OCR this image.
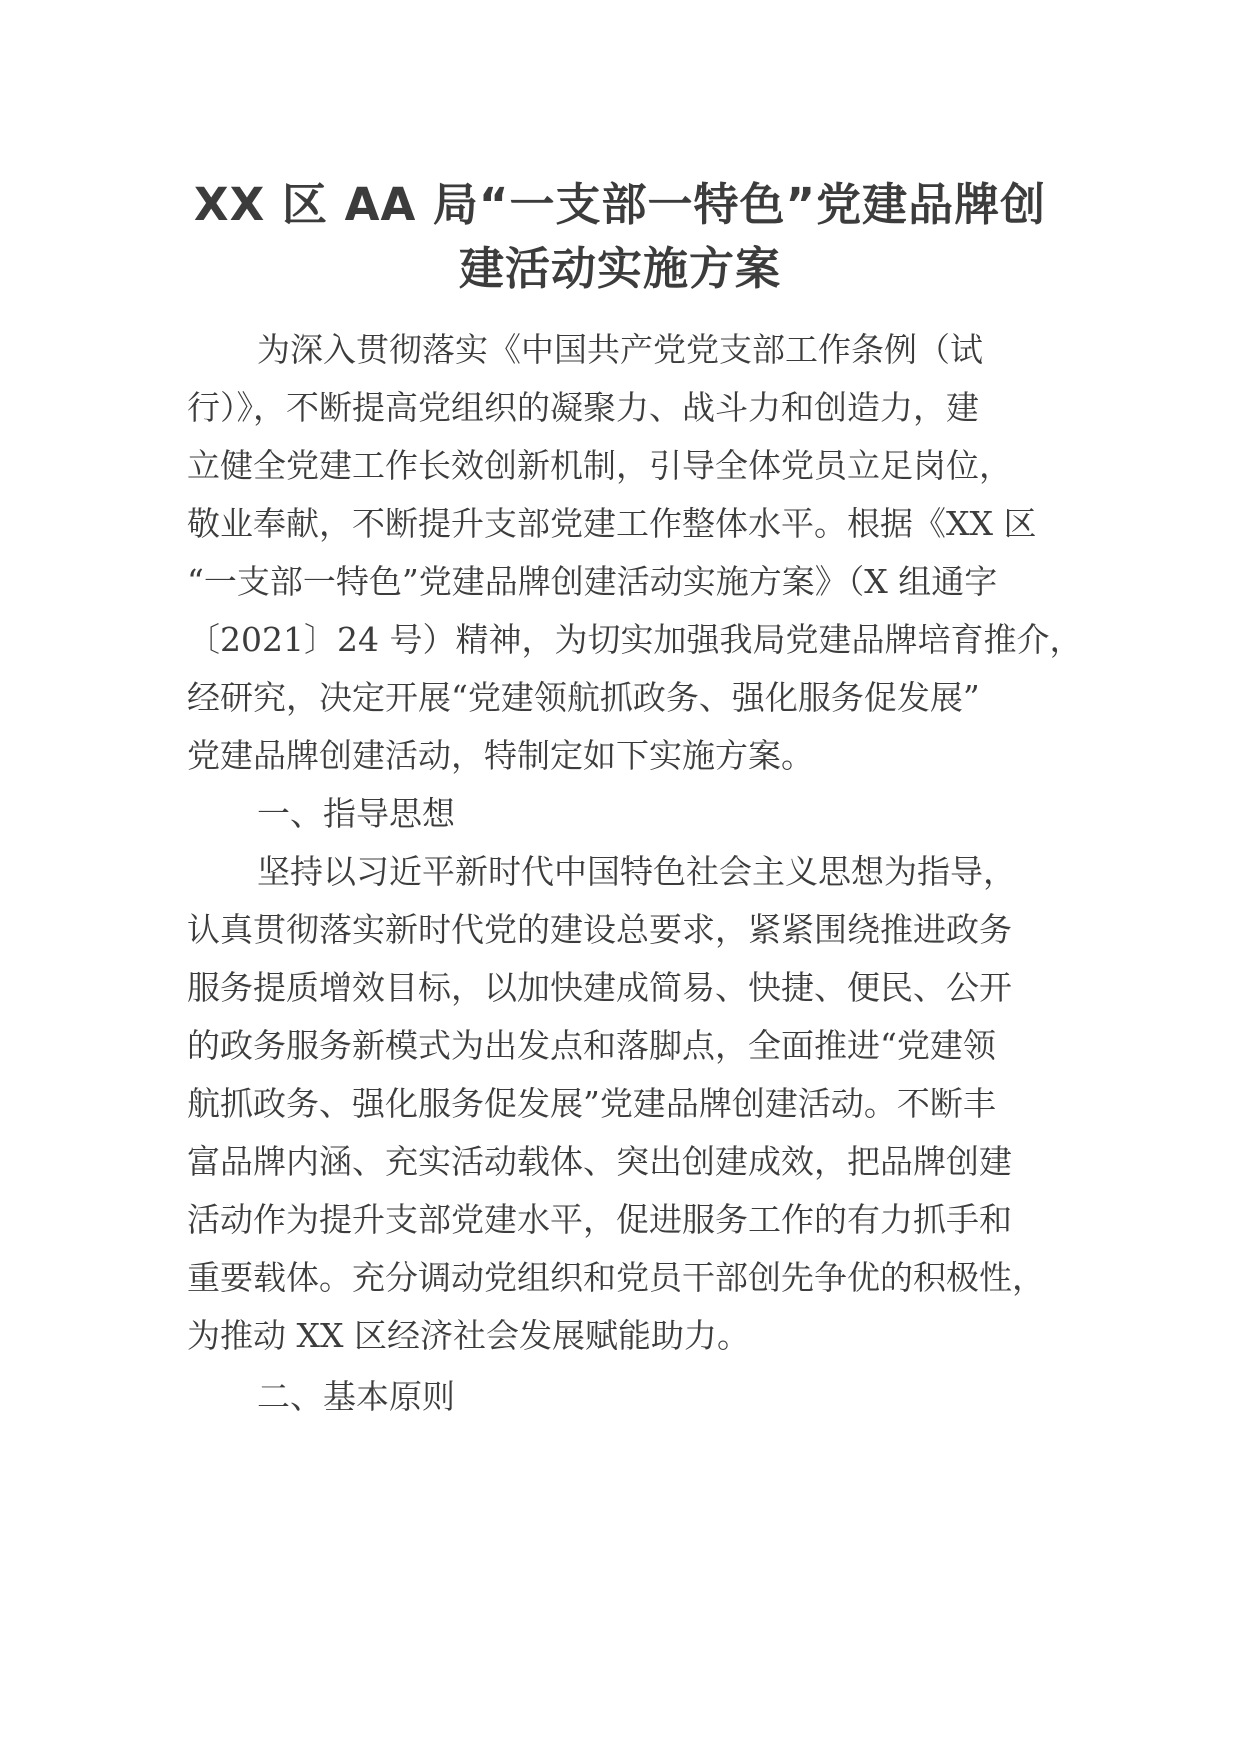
XX 区 AA 局“一支部一特色”党建品牌创
建活动实施方案
为深入贯彻落实《中国共产党党支部工作条例（试
行）》，不断提高党组织的凝聚力、战斗力和创造力，建
立健全党建工作长效创新机制，引导全体党员立足岗位，
敬业奉献，不断提升支部党建工作整体水平。根据《XX 区
“一支部一特色”党建品牌创建活动实施方案》（X 组通字
〔2021〕24 号）精神，为切实加强我局党建品牌培育推介，
经研究，决定开展“党建领航抓政务、强化服务促发展”
党建品牌创建活动，特制定如下实施方案。
一、指导思想
坚持以习近平新时代中国特色社会主义思想为指导，
认真贯彻落实新时代党的建设总要求，紧紧围绕推进政务
服务提质增效目标，以加快建成简易、快捷、便民、公开
的政务服务新模式为出发点和落脚点，全面推进“党建领
航抓政务、强化服务促发展”党建品牌创建活动。不断丰
富品牌内涵、充实活动载体、突出创建成效，把品牌创建
活动作为提升支部党建水平，促进服务工作的有力抓手和
重要载体。充分调动党组织和党员干部创先争优的积极性，
为推动 XX 区经济社会发展赋能助力。
二、基本原则
